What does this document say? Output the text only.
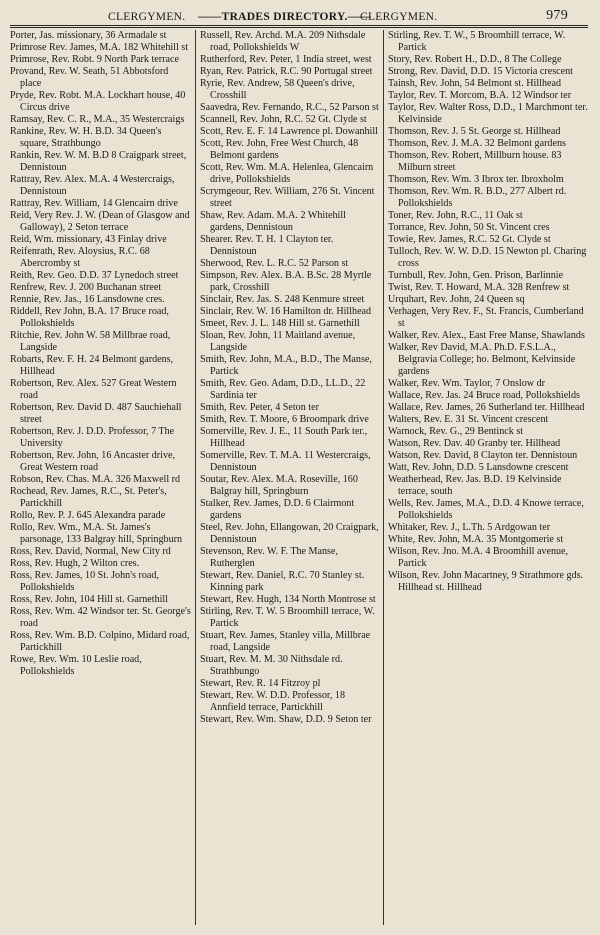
CLERGYMEN. ——TRADES DIRECTORY.——
CLERGYMEN.	979
Porter, Jas. missionary, 36 Armadale st
Primrose Rev. James, M.A. 182 Whitehill st
Primrose, Rev. Robt. 9 North Park terrace
Provand, Rev. W. Seath, 51 Abbotsford place
Pryde, Rev. Robt. M.A. Lockhart house, 40 Circus drive
Ramsay, Rev. C. R., M.A., 35 Westercraigs
Rankine, Rev. W. H. B.D. 34 Queen's square, Strathbungo
Rankin, Rev. W. M. B.D 8 Craigpark street, Dennistoun
Rattray, Rev. Alex. M.A. 4 Westercraigs, Dennistoun
Rattray, Rev. William, 14 Glencairn drive
Reid, Very Rev. J. W. (Dean of Glasgow and Galloway), 2 Seton terrace
Reid, Wm. missionary, 43 Finlay drive
Reifenrath, Rev. Aloysius, R.C. 68 Abercromby st
Reith, Rev. Geo. D.D. 37 Lynedoch street
Renfrew, Rev. J. 200 Buchanan street
Rennie, Rev. Jas., 16 Lansdowne cres.
Riddell, Rev John, B.A. 17 Bruce road, Pollokshields
Ritchie, Rev. John W. 58 Millbrae road, Langside
Robarts, Rev. F. H. 24 Belmont gardens, Hillhead
Robertson, Rev. Alex. 527 Great Western road
Robertson, Rev. David D. 487 Sauchiehall street
Robertson, Rev. J. D.D. Professor, 7 The University
Robertson, Rev. John, 16 Ancaster drive, Great Western road
Robson, Rev. Chas. M.A. 326 Maxwell rd
Rochead, Rev. James, R.C., St. Peter's, Partickhill
Rollo, Rev. P. J. 645 Alexandra parade
Rollo, Rev. Wm., M.A. St. James's parsonage, 133 Balgray hill, Springburn
Ross, Rev. David, Normal, New City rd
Ross, Rev. Hugh, 2 Wilton cres.
Ross, Rev. James, 10 St. John's road, Pollokshields
Ross, Rev. John, 104 Hill st. Garnethill
Ross, Rev. Wm. 42 Windsor ter. St. George's road
Ross, Rev. Wm. B.D. Colpino, Midard road, Partickhill
Rowe, Rev. Wm. 10 Leslie road, Pollokshields
Russell, Rev. Archd. M.A. 209 Nithsdale road, Pollokshields W
Rutherford, Rev. Peter, 1 India street, west
Ryan, Rev. Patrick, R.C. 90 Portugal street
Ryrie, Rev. Andrew, 58 Queen's drive, Crosshill
Saavedra, Rev. Fernando, R.C., 52 Parson st
Scannell, Rev. John, R.C. 52 Gt. Clyde st
Scott, Rev. E. F. 14 Lawrence pl. Dowanhill
Scott, Rev. John, Free West Church, 48 Belmont gardens
Scott, Rev. Wm. M.A. Helenlea, Glencairn drive, Pollokshields
Scrymgeour, Rev. William, 276 St. Vincent street
Shaw, Rev. Adam. M.A. 2 Whitehill gardens, Dennistoun
Shearer. Rev. T. H. 1 Clayton ter. Dennistoun
Sherwood, Rev. L. R.C. 52 Parson st
Simpson, Rev. Alex. B.A. B.Sc. 28 Myrtle park, Crosshill
Sinclair, Rev. Jas. S. 248 Kenmure street
Sinclair, Rev. W. 16 Hamilton dr. Hillhead
Smeet, Rev. J. L. 148 Hill st. Garnethill
Sloan, Rev. John, 11 Maitland avenue, Langside
Smith, Rev. John, M.A., B.D., The Manse, Partick
Smith, Rev. Geo. Adam, D.D., LL.D., 22 Sardinia ter
Smith, Rev. Peter, 4 Seton ter
Smith, Rev. T. Moore, 6 Broompark drive
Somerville, Rev. J. E., 11 South Park ter., Hillhead
Somerville, Rev. T. M.A. 11 Westercraigs, Dennistoun
Soutar, Rev. Alex. M.A. Roseville, 160 Balgray hill, Springburn
Stalker, Rev. James, D.D. 6 Clairmont gardens
Steel, Rev. John, Ellangowan, 20 Craigpark, Dennistoun
Stevenson, Rev. W. F. The Manse, Rutherglen
Stewart, Rev. Daniel, R.C. 70 Stanley st. Kinning park
Stewart, Rev. Hugh, 134 North Montrose st
Stirling, Rev. T. W. 5 Broomhill terrace, W. Partick
Stuart, Rev. James, Stanley villa, Millbrae road, Langside
Stuart, Rev. M. M. 30 Nithsdale rd. Strathbungo
Stewart, Rev. R. 14 Fitzroy pl
Stewart, Rev. W. D.D. Professor, 18 Annfield terrace, Partickhill
Stewart, Rev. Wm. Shaw, D.D. 9 Seton ter
Stirling, Rev. T. W., 5 Broomhill terrace, W. Partick
Story, Rev. Robert H., D.D., 8 The College
Strong, Rev. David, D.D. 15 Victoria crescent
Tainsh, Rev. John, 54 Belmont st. Hillhead
Taylor, Rev. T. Morcom, B.A. 12 Windsor ter
Taylor, Rev. Walter Ross, D.D., 1 Marchmont ter. Kelvinside
Thomson, Rev. J. 5 St. George st. Hillhead
Thomson, Rev. J. M.A. 32 Belmont gardens
Thomson, Rev. Robert, Millburn house. 83 Milburn street
Thomson, Rev. Wm. 3 Ibrox ter. Ibroxholm
Thomson, Rev. Wm. R. B.D., 277 Albert rd. Pollokshields
Toner, Rev. John, R.C., 11 Oak st
Torrance, Rev. John, 50 St. Vincent cres
Towie, Rev. James, R.C. 52 Gt. Clyde st
Tulloch, Rev. W. W. D.D. 15 Newton pl. Charing cross
Turnbull, Rev. John, Gen. Prison, Barlinnie
Twist, Rev. T. Howard, M.A. 328 Renfrew st
Urquhart, Rev. John, 24 Queen sq
Verhagen, Very Rev. F., St. Francis, Cumberland st
Walker, Rev. Alex., East Free Manse, Shawlands
Walker, Rev David, M.A. Ph.D. F.S.L.A., Belgravia College; ho. Belmont, Kelvinside gardens
Walker, Rev. Wm. Taylor, 7 Onslow dr
Wallace, Rev. Jas. 24 Bruce road, Pollokshields
Wallace, Rev. James, 26 Sutherland ter. Hillhead
Walters, Rev. E. 31 St. Vincent crescent
Warnock, Rev. G., 29 Bentinck st
Watson, Rev. Dav. 40 Granby ter. Hillhead
Watson, Rev. David, 8 Clayton ter. Dennistoun
Watt, Rev. John, D.D. 5 Lansdowne crescent
Weatherhead, Rev. Jas. B.D. 19 Kelvinside terrace, south
Wells, Rev. James, M.A., D.D. 4 Knowe terrace, Pollokshields
Whitaker, Rev. J., L.Th. 5 Ardgowan ter
White, Rev. John, M.A. 35 Montgomerie st
Wilson, Rev. Jno. M.A. 4 Broomhill avenue, Partick
Wilson, Rev. John Macartney, 9 Strathmore gds. Hillhead st. Hillhead
